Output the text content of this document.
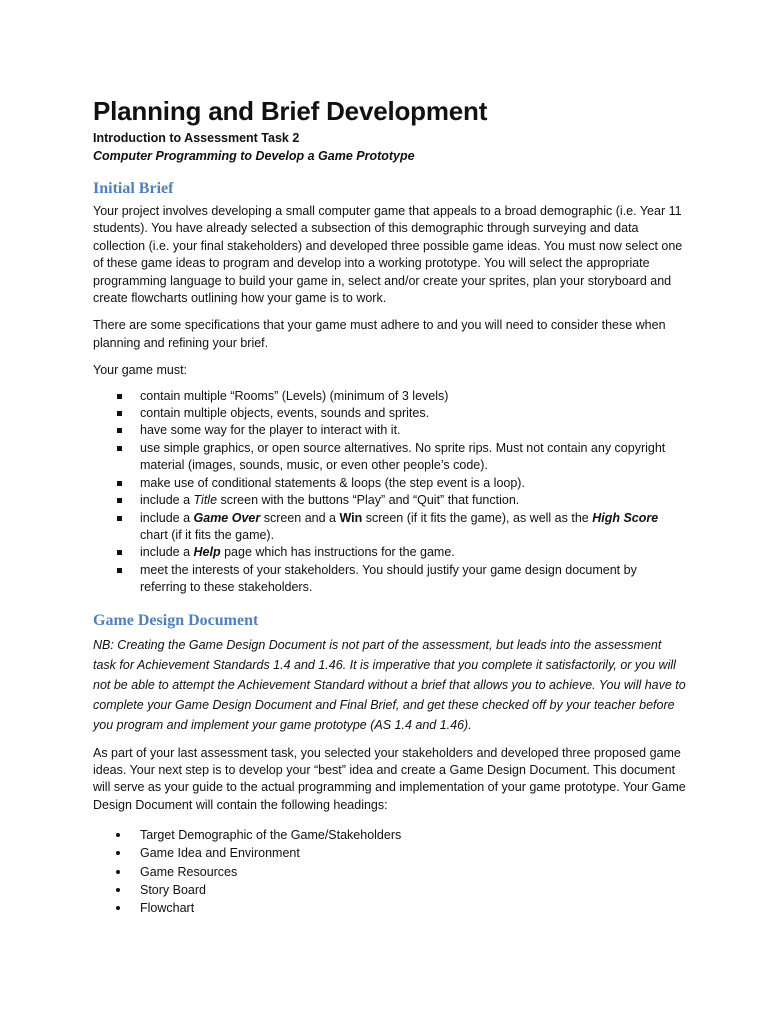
Planning and Brief Development
Introduction to Assessment Task 2
Computer Programming to Develop a Game Prototype
Initial Brief

Your project involves developing a small computer game that appeals to a broad demographic (i.e. Year 11 students). You have already selected a subsection of this demographic through surveying and data collection (i.e. your final stakeholders) and developed three possible game ideas. You must now select one of these game ideas to program and develop into a working prototype. You will select the appropriate programming language to build your game in, select and/or create your sprites, plan your storyboard and create flowcharts outlining how your game is to work.

There are some specifications that your game must adhere to and you will need to consider these when planning and refining your brief.

Your game must:

contain multiple “Rooms” (Levels) (minimum of 3 levels)
contain multiple objects, events, sounds and sprites.
have some way for the player to interact with it.
use simple graphics, or open source alternatives. No sprite rips. Must not contain any copyright material (images, sounds, music, or even other people’s code).
make use of conditional statements & loops (the step event is a loop).
include a Title screen with the buttons “Play” and “Quit” that function.
include a Game Over screen and a Win screen (if it fits the game), as well as the High Score chart (if it fits the game).
include a Help page which has instructions for the game.
meet the interests of your stakeholders. You should justify your game design document by referring to these stakeholders.
Game Design Document

NB: Creating the Game Design Document is not part of the assessment, but leads into the assessment task for Achievement Standards 1.4 and 1.46. It is imperative that you complete it satisfactorily, or you will not be able to attempt the Achievement Standard without a brief that allows you to achieve. You will have to complete your Game Design Document and Final Brief, and get these checked off by your teacher before you program and implement your game prototype (AS 1.4 and 1.46).

As part of your last assessment task, you selected your stakeholders and developed three proposed game ideas. Your next step is to develop your “best” idea and create a Game Design Document. This document will serve as your guide to the actual programming and implementation of your game prototype. Your Game Design Document will contain the following headings:

Target Demographic of the Game/Stakeholders
Game Idea and Environment
Game Resources
Story Board
Flowchart
